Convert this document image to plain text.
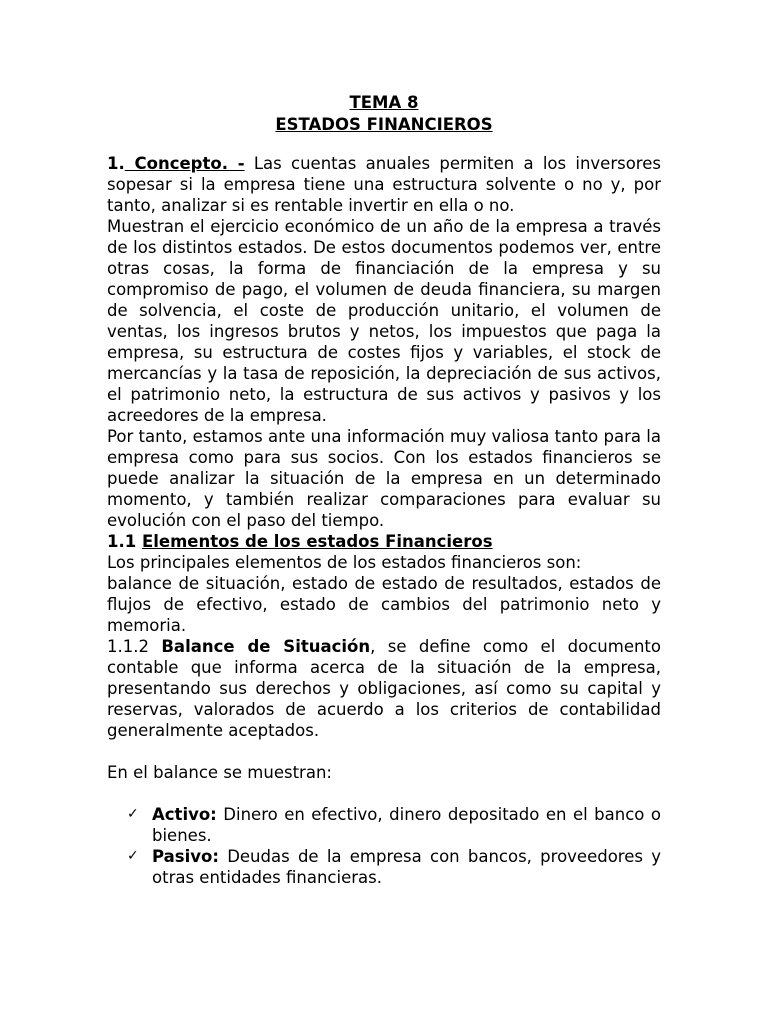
TEMA 8
ESTADOS FINANCIEROS

1. Concepto. - Las cuentas anuales permiten a los inversores sopesar si la empresa tiene una estructura solvente o no y, por tanto, analizar si es rentable invertir en ella o no.

Muestran el ejercicio económico de un año de la empresa a través de los distintos estados. De estos documentos podemos ver, entre otras cosas, la forma de financiación de la empresa y su compromiso de pago, el volumen de deuda financiera, su margen de solvencia, el coste de producción unitario, el volumen de ventas, los ingresos brutos y netos, los impuestos que paga la empresa, su estructura de costes fijos y variables, el stock de mercancías y la tasa de reposición, la depreciación de sus activos, el patrimonio neto, la estructura de sus activos y pasivos y los acreedores de la empresa.

Por tanto, estamos ante una información muy valiosa tanto para la empresa como para sus socios. Con los estados financieros se puede analizar la situación de la empresa en un determinado momento, y también realizar comparaciones para evaluar su evolución con el paso del tiempo.

1.1 Elementos de los estados Financieros

Los principales elementos de los estados financieros son:

balance de situación, estado de estado de resultados, estados de flujos de efectivo, estado de cambios del patrimonio neto y memoria.

1.1.2 Balance de Situación, se define como el documento contable que informa acerca de la situación de la empresa, presentando sus derechos y obligaciones, así como su capital y reservas, valorados de acuerdo a los criterios de contabilidad generalmente aceptados.

En el balance se muestran:

✓ Activo: Dinero en efectivo, dinero depositado en el banco o bienes.
✓ Pasivo: Deudas de la empresa con bancos, proveedores y otras entidades financieras.
